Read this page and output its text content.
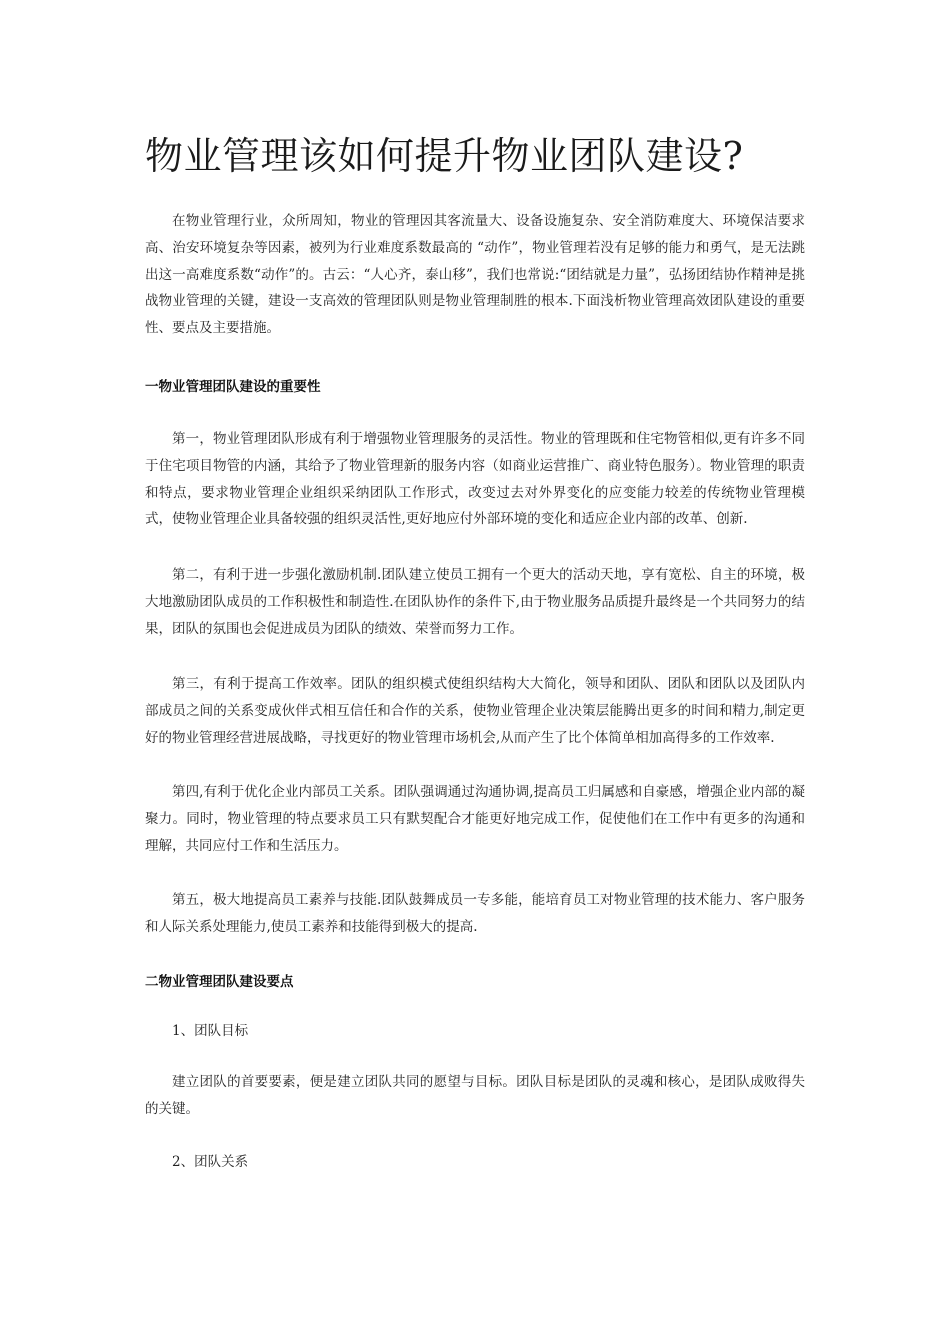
物业管理该如何提升物业团队建设?

在物业管理行业，众所周知，物业的管理因其客流量大、设备设施复杂、安全消防难度大、环境保洁要求高、治安环境复杂等因素，被列为行业难度系数最高的 “动作”，物业管理若没有足够的能力和勇气，是无法跳出这一高难度系数“动作”的。古云：“人心齐，泰山移”，我们也常说:“团结就是力量”，弘扬团结协作精神是挑战物业管理的关键，建设一支高效的管理团队则是物业管理制胜的根本.下面浅析物业管理高效团队建设的重要性、要点及主要措施。

一物业管理团队建设的重要性

第一，物业管理团队形成有利于增强物业管理服务的灵活性。物业的管理既和住宅物管相似,更有许多不同于住宅项目物管的内涵，其给予了物业管理新的服务内容（如商业运营推广、商业特色服务）。物业管理的职责和特点，要求物业管理企业组织采纳团队工作形式，改变过去对外界变化的应变能力较差的传统物业管理模式，使物业管理企业具备较强的组织灵活性,更好地应付外部环境的变化和适应企业内部的改革、创新.

第二，有利于进一步强化激励机制.团队建立使员工拥有一个更大的活动天地，享有宽松、自主的环境，极大地激励团队成员的工作积极性和制造性.在团队协作的条件下,由于物业服务品质提升最终是一个共同努力的结果，团队的氛围也会促进成员为团队的绩效、荣誉而努力工作。

第三，有利于提高工作效率。团队的组织模式使组织结构大大简化，领导和团队、团队和团队以及团队内部成员之间的关系变成伙伴式相互信任和合作的关系，使物业管理企业决策层能腾出更多的时间和精力,制定更好的物业管理经营进展战略，寻找更好的物业管理市场机会,从而产生了比个体简单相加高得多的工作效率.

第四,有利于优化企业内部员工关系。团队强调通过沟通协调,提高员工归属感和自豪感，增强企业内部的凝聚力。同时，物业管理的特点要求员工只有默契配合才能更好地完成工作，促使他们在工作中有更多的沟通和理解，共同应付工作和生活压力。

第五，极大地提高员工素养与技能.团队鼓舞成员一专多能，能培育员工对物业管理的技术能力、客户服务和人际关系处理能力,使员工素养和技能得到极大的提高.

二物业管理团队建设要点
1、团队目标

建立团队的首要要素，便是建立团队共同的愿望与目标。团队目标是团队的灵魂和核心，是团队成败得失的关键。

2、团队关系
